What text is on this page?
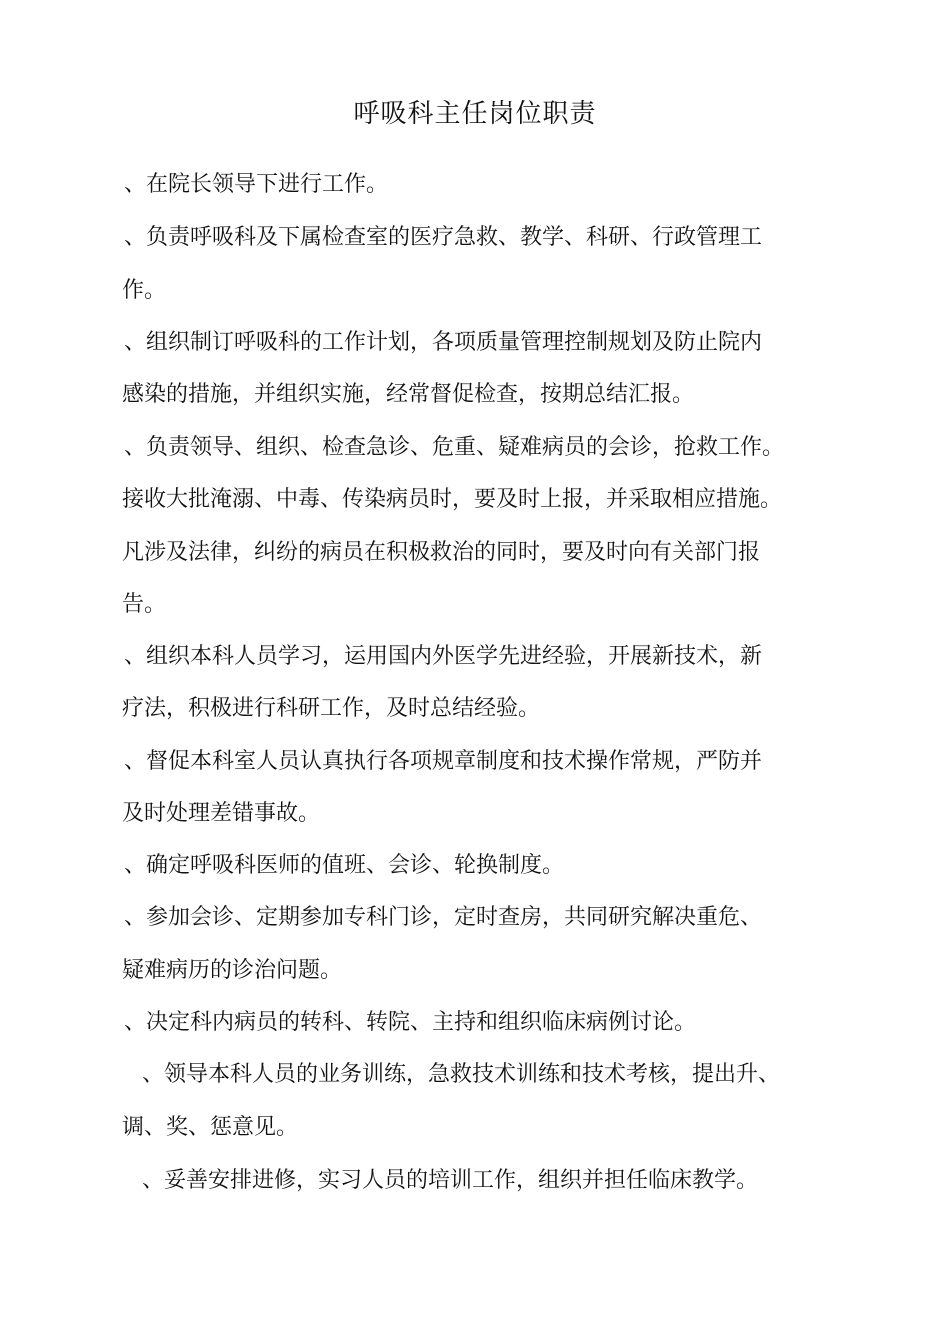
呼吸科主任岗位职责
、在院长领导下进行工作。
、负责呼吸科及下属检查室的医疗急救、教学、科研、行政管理工
作。
、组织制订呼吸科的工作计划，各项质量管理控制规划及防止院内
感染的措施，并组织实施，经常督促检查，按期总结汇报。
、负责领导、组织、检查急诊、危重、疑难病员的会诊，抢救工作。
接收大批淹溺、中毒、传染病员时，要及时上报，并采取相应措施。
凡涉及法律，纠纷的病员在积极救治的同时，要及时向有关部门报
告。
、组织本科人员学习，运用国内外医学先进经验，开展新技术，新
疗法，积极进行科研工作，及时总结经验。
、督促本科室人员认真执行各项规章制度和技术操作常规，严防并
及时处理差错事故。
、确定呼吸科医师的值班、会诊、轮换制度。
、参加会诊、定期参加专科门诊，定时查房，共同研究解决重危、
疑难病历的诊治问题。
、决定科内病员的转科、转院、主持和组织临床病例讨论。
、领导本科人员的业务训练，急救技术训练和技术考核，提出升、
调、奖、惩意见。
、妥善安排进修，实习人员的培训工作，组织并担任临床教学。
